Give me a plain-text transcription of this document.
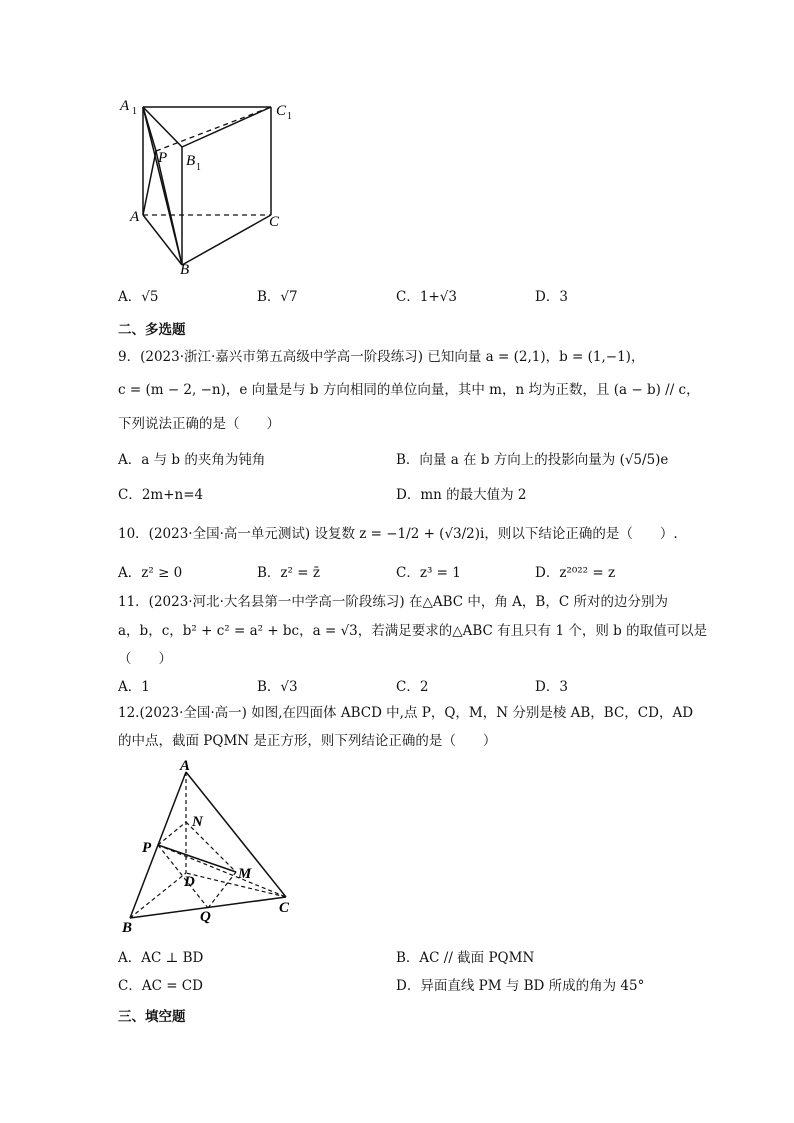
A 1	C 1
P B 1
A	C
B
A．√5	B．√7	C．1+√3	D．3
二、多选题
9．(2023·浙江·嘉兴市第五高级中学高一阶段练习) 已知向量 a = (2,1)，b = (1,−1)，
c = (m − 2, −n)，e 向量是与 b 方向相同的单位向量，其中 m，n 均为正数，且 (a − b) // c，
下列说法正确的是（　　）
A．a 与 b 的夹角为钝角	B．向量 a 在 b 方向上的投影向量为 (√5/5)e
C．2m+n=4	D．mn 的最大值为 2
10．(2023·全国·高一单元测试) 设复数 z = −1/2 + (√3/2)i，则以下结论正确的是（　　）.
A．z² ≥ 0	B．z² = z̄	C．z³ = 1	D．z²⁰²² = z
11．(2023·河北·大名县第一中学高一阶段练习) 在△ABC 中，角 A，B，C 所对的边分别为
a，b，c，b² + c² = a² + bc，a = √3，若满足要求的△ABC 有且只有 1 个，则 b 的取值可以是
（　　）
A．1	B．√3	C．2	D．3
12.(2023·全国·高一) 如图,在四面体 ABCD 中,点 P，Q，M，N 分别是棱 AB，BC，CD，AD
的中点，截面 PQMN 是正方形，则下列结论正确的是（　　）
A
N
P
D	M
B
Q
C
A．AC ⊥ BD	B．AC // 截面 PQMN
C．AC = CD	D．异面直线 PM 与 BD 所成的角为 45°
三、填空题
